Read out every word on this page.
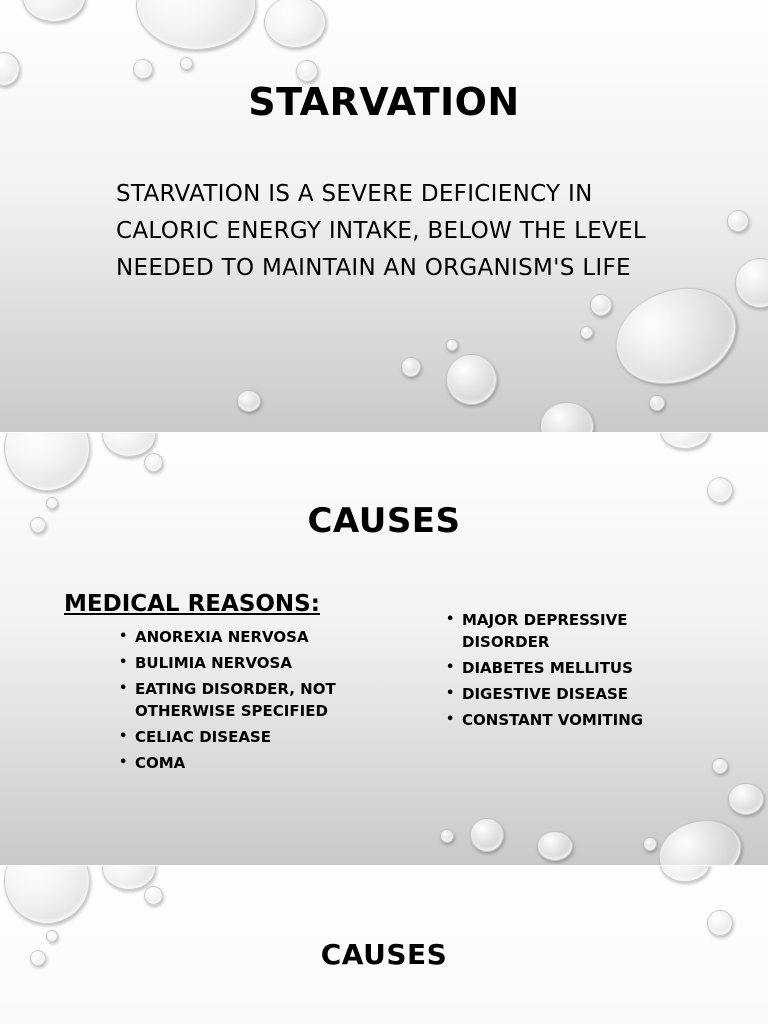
STARVATION
STARVATION IS A SEVERE DEFICIENCY IN CALORIC ENERGY INTAKE, BELOW THE LEVEL NEEDED TO MAINTAIN AN ORGANISM'S LIFE
CAUSES
MEDICAL REASONS:
• ANOREXIA NERVOSA
• BULIMIA NERVOSA
• EATING DISORDER, NOT OTHERWISE SPECIFIED
• CELIAC DISEASE
• COMA
• MAJOR DEPRESSIVE DISORDER
• DIABETES MELLITUS
• DIGESTIVE DISEASE
• CONSTANT VOMITING
CAUSES
